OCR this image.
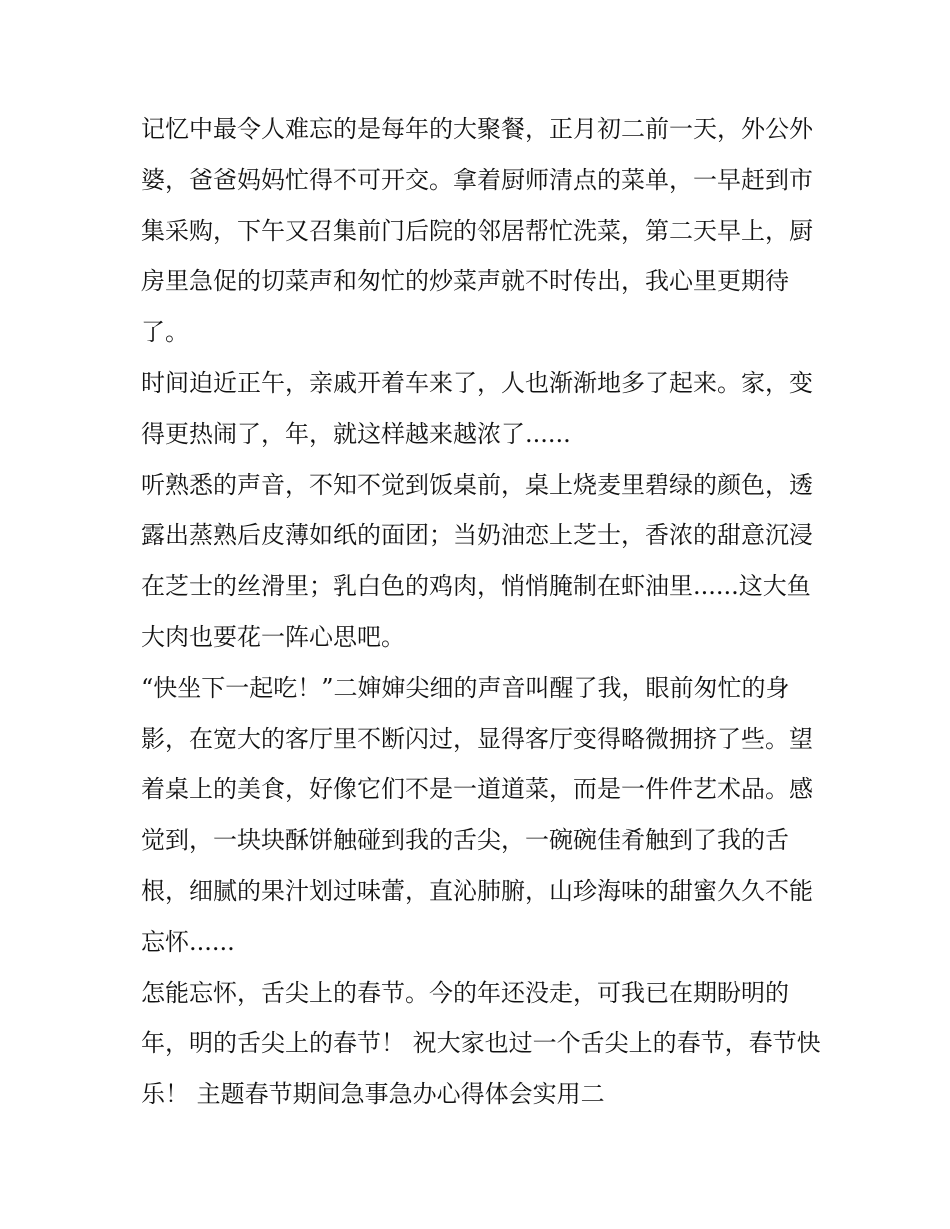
记忆中最令人难忘的是每年的大聚餐，正月初二前一天，外公外婆，爸爸妈妈忙得不可开交。拿着厨师清点的菜单，一早赶到市集采购，下午又召集前门后院的邻居帮忙洗菜，第二天早上，厨房里急促的切菜声和匆忙的炒菜声就不时传出，我心里更期待了。

时间迫近正午，亲戚开着车来了，人也渐渐地多了起来。家，变得更热闹了，年，就这样越来越浓了......

听熟悉的声音，不知不觉到饭桌前，桌上烧麦里碧绿的颜色，透露出蒸熟后皮薄如纸的面团；当奶油恋上芝士，香浓的甜意沉浸在芝士的丝滑里；乳白色的鸡肉，悄悄腌制在虾油里......这大鱼大肉也要花一阵心思吧。

“快坐下一起吃！”二婶婶尖细的声音叫醒了我，眼前匆忙的身影，在宽大的客厅里不断闪过，显得客厅变得略微拥挤了些。望着桌上的美食，好像它们不是一道道菜，而是一件件艺术品。感觉到，一块块酥饼触碰到我的舌尖，一碗碗佳肴触到了我的舌根，细腻的果汁划过味蕾，直沁肺腑，山珍海味的甜蜜久久不能忘怀......

怎能忘怀，舌尖上的春节。今的年还没走，可我已在期盼明的年，明的舌尖上的春节！ 祝大家也过一个舌尖上的春节，春节快乐！ 主题春节期间急事急办心得体会实用二
